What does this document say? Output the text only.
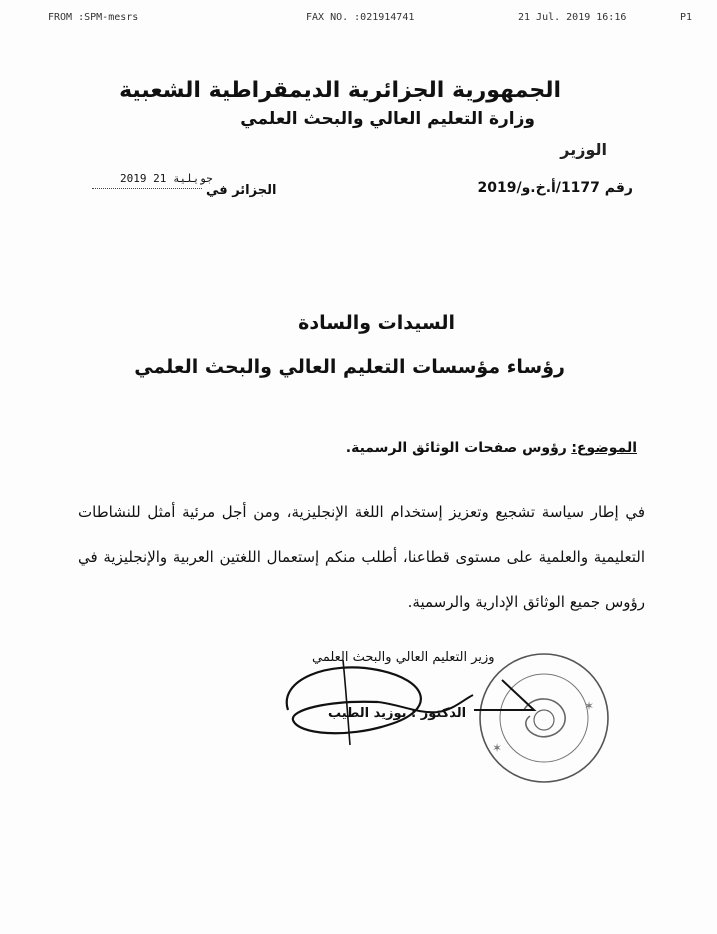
FROM :SPM-mesrs	FAX NO. :021914741	21 Jul. 2019 16:16	P1
الجمهورية الجزائرية الديمقراطية الشعبية
وزارة التعليم العالي والبحث العلمي
الوزير
رقم 1177/أ.خ.و/2019
2019 جويلية 21
الجزائر في
السيدات والسادة
رؤساء مؤسسات التعليم العالي والبحث العلمي
الموضوع: رؤوس صفحات الوثائق الرسمية.
في إطار سياسة تشجيع وتعزيز إستخدام اللغة الإنجليزية، ومن أجل مرئية أمثل للنشاطات التعليمية والعلمية على مستوى قطاعنا، أطلب منكم إستعمال اللغتين العربية والإنجليزية في رؤوس جميع الوثائق الإدارية والرسمية.
وزير التعليم العالي والبحث العلمي
الدكتور : بوزيد الطيب
✶
✶
